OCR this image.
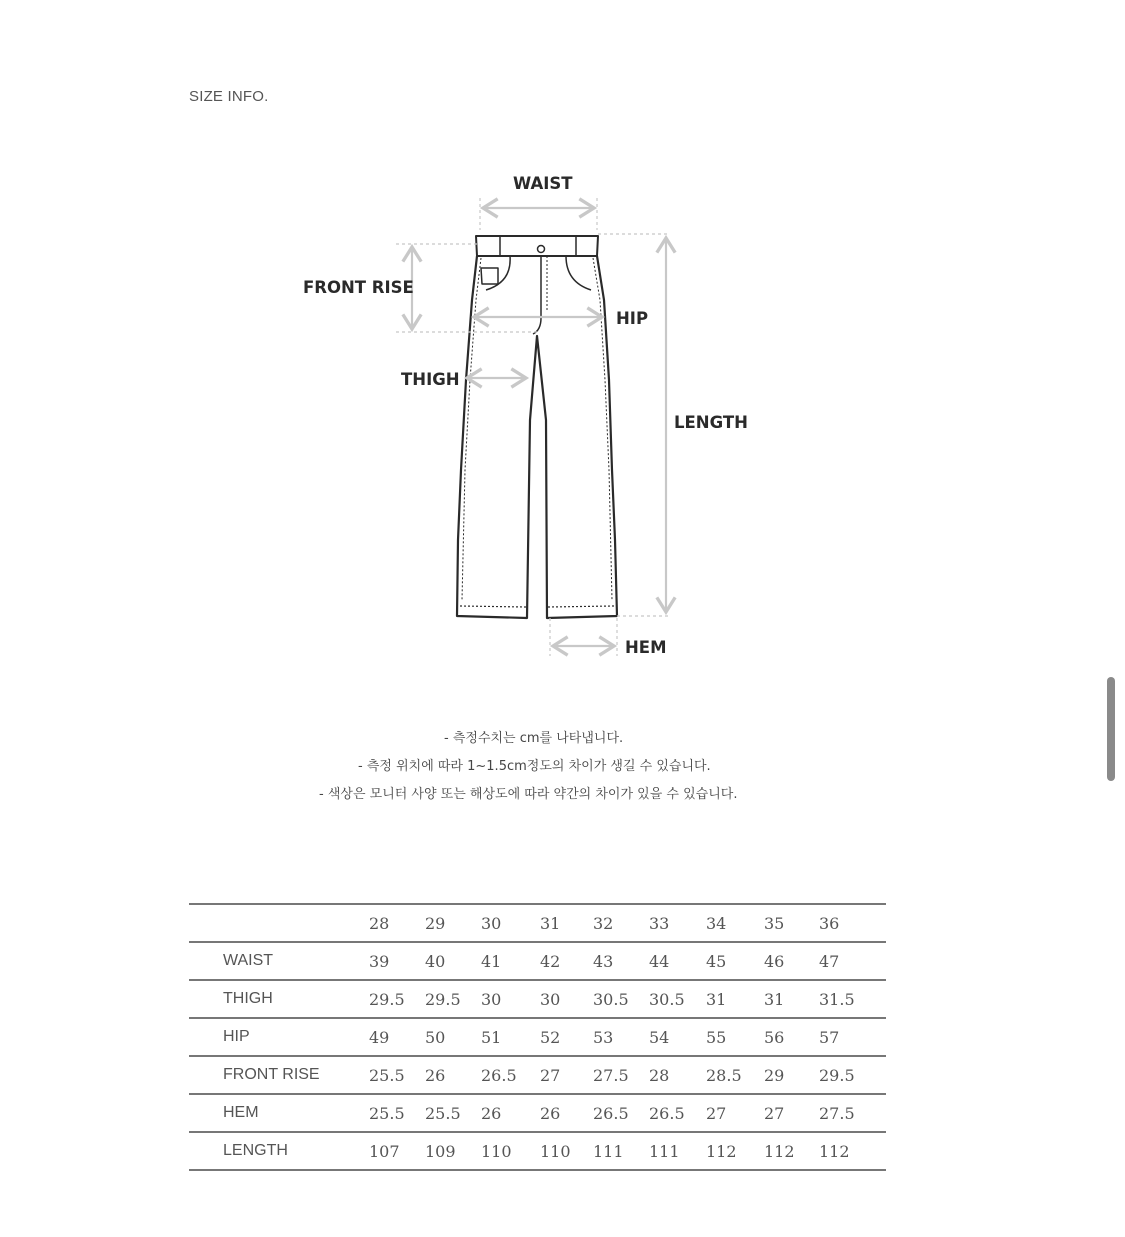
SIZE INFO.
WAIST
FRONT RISE
HIP
THIGH
LENGTH
HEM
- 측정수치는 cm를 나타냅니다.
- 측정 위치에 따라 1~1.5cm정도의 차이가 생길 수 있습니다.
- 색상은 모니터 사양 또는 해상도에 따라 약간의 차이가 있을 수 있습니다.
	28	29	30	31	32	33	34	35	36
WAIST	39	40	41	42	43	44	45	46	47
THIGH	29.5	29.5	30	30	30.5	30.5	31	31	31.5
HIP	49	50	51	52	53	54	55	56	57
FRONT RISE	25.5	26	26.5	27	27.5	28	28.5	29	29.5
HEM	25.5	25.5	26	26	26.5	26.5	27	27	27.5
LENGTH	107	109	110	110	111	111	112	112	112
